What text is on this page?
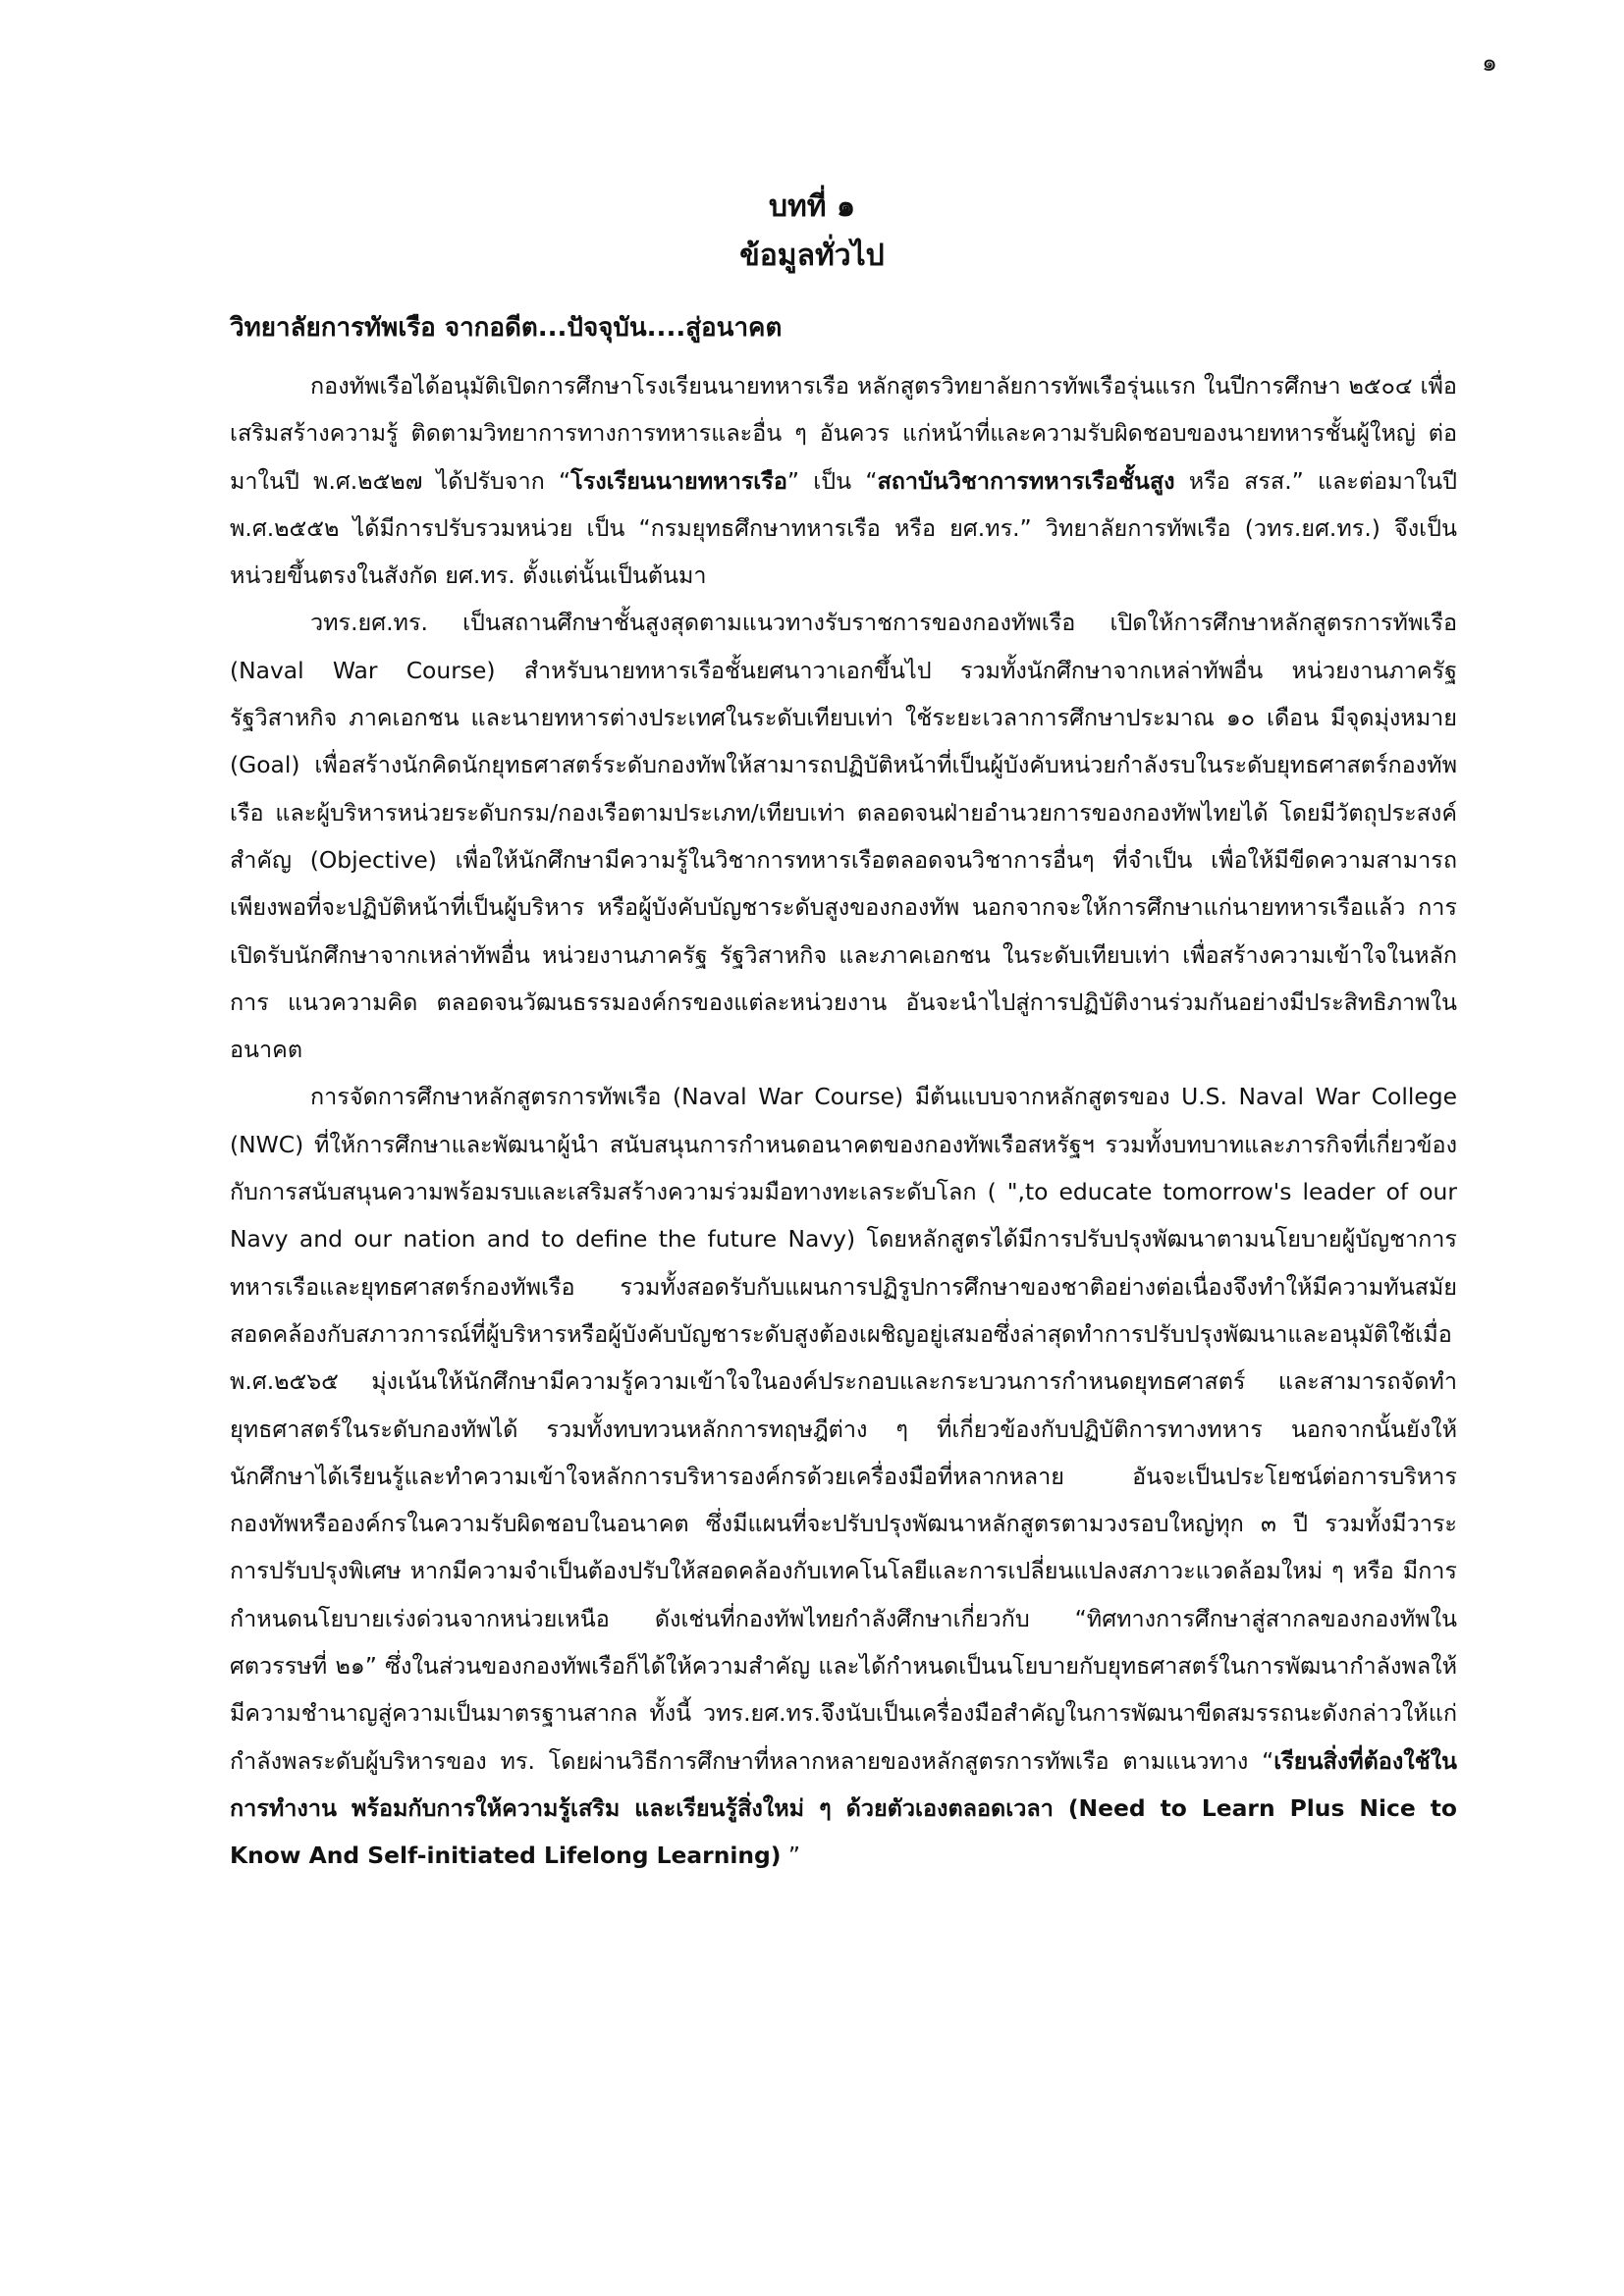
๑
บทที่ ๑
ข้อมูลทั่วไป
วิทยาลัยการทัพเรือ จากอดีต...ปัจจุบัน....สู่อนาคต

กองทัพเรือได้อนุมัติเปิดการศึกษาโรงเรียนนายทหารเรือ หลักสูตรวิทยาลัยการทัพเรือรุ่นแรก ในปีการศึกษา ๒๕๐๔ เพื่อเสริมสร้างความรู้ ติดตามวิทยาการทางการทหารและอื่น ๆ อันควร แก่หน้าที่และความรับผิดชอบของนายทหารชั้นผู้ใหญ่ ต่อมาในปี พ.ศ.๒๕๒๗ ได้ปรับจาก “โรงเรียนนายทหารเรือ” เป็น “สถาบันวิชาการทหารเรือชั้นสูง หรือ สรส.” และต่อมาในปี พ.ศ.๒๕๕๒ ได้มีการปรับรวมหน่วย เป็น “กรมยุทธศึกษาทหารเรือ หรือ ยศ.ทร.” วิทยาลัยการทัพเรือ (วทร.ยศ.ทร.) จึงเป็นหน่วยขึ้นตรงในสังกัด ยศ.ทร. ตั้งแต่นั้นเป็นต้นมา

วทร.ยศ.ทร. เป็นสถานศึกษาชั้นสูงสุดตามแนวทางรับราชการของกองทัพเรือ เปิดให้การศึกษาหลักสูตรการทัพเรือ (Naval War Course) สำหรับนายทหารเรือชั้นยศนาวาเอกขึ้นไป รวมทั้งนักศึกษาจากเหล่าทัพอื่น หน่วยงานภาครัฐ รัฐวิสาหกิจ ภาคเอกชน และนายทหารต่างประเทศในระดับเทียบเท่า ใช้ระยะเวลาการศึกษาประมาณ ๑๐ เดือน มีจุดมุ่งหมาย (Goal) เพื่อสร้างนักคิดนักยุทธศาสตร์ระดับกองทัพให้สามารถปฏิบัติหน้าที่เป็นผู้บังคับหน่วยกำลังรบในระดับยุทธศาสตร์กองทัพเรือ และผู้บริหารหน่วยระดับกรม/กองเรือตามประเภท/เทียบเท่า ตลอดจนฝ่ายอำนวยการของกองทัพไทยได้ โดยมีวัตถุประสงค์สำคัญ (Objective) เพื่อให้นักศึกษามีความรู้ในวิชาการทหารเรือตลอดจนวิชาการอื่นๆ ที่จำเป็น เพื่อให้มีขีดความสามารถเพียงพอที่จะปฏิบัติหน้าที่เป็นผู้บริหาร หรือผู้บังคับบัญชาระดับสูงของกองทัพ นอกจากจะให้การศึกษาแก่นายทหารเรือแล้ว การเปิดรับนักศึกษาจากเหล่าทัพอื่น หน่วยงานภาครัฐ รัฐวิสาหกิจ และภาคเอกชน ในระดับเทียบเท่า เพื่อสร้างความเข้าใจในหลักการ แนวความคิด ตลอดจนวัฒนธรรมองค์กรของแต่ละหน่วยงาน อันจะนำไปสู่การปฏิบัติงานร่วมกันอย่างมีประสิทธิภาพในอนาคต

การจัดการศึกษาหลักสูตรการทัพเรือ (Naval War Course) มีต้นแบบจากหลักสูตรของ U.S. Naval War College (NWC) ที่ให้การศึกษาและพัฒนาผู้นำ สนับสนุนการกำหนดอนาคตของกองทัพเรือสหรัฐฯ รวมทั้งบทบาทและภารกิจที่เกี่ยวข้องกับการสนับสนุนความพร้อมรบและเสริมสร้างความร่วมมือทางทะเลระดับโลก ( ",to educate tomorrow's leader of our Navy and our nation and to define the future Navy) โดยหลักสูตรได้มีการปรับปรุงพัฒนาตามนโยบายผู้บัญชาการทหารเรือและยุทธศาสตร์กองทัพเรือ รวมทั้งสอดรับกับแผนการปฏิรูปการศึกษาของชาติอย่างต่อเนื่องจึงทำให้มีความทันสมัย สอดคล้องกับสภาวการณ์ที่ผู้บริหารหรือผู้บังคับบัญชาระดับสูงต้องเผชิญอยู่เสมอซึ่งล่าสุดทำการปรับปรุงพัฒนาและอนุมัติใช้เมื่อ พ.ศ.๒๕๖๕ มุ่งเน้นให้นักศึกษามีความรู้ความเข้าใจในองค์ประกอบและกระบวนการกำหนดยุทธศาสตร์ และสามารถจัดทำยุทธศาสตร์ในระดับกองทัพได้ รวมทั้งทบทวนหลักการทฤษฎีต่าง ๆ ที่เกี่ยวข้องกับปฏิบัติการทางทหาร นอกจากนั้นยังให้นักศึกษาได้เรียนรู้และทำความเข้าใจหลักการบริหารองค์กรด้วยเครื่องมือที่หลากหลาย อันจะเป็นประโยชน์ต่อการบริหารกองทัพหรือองค์กรในความรับผิดชอบในอนาคต ซึ่งมีแผนที่จะปรับปรุงพัฒนาหลักสูตรตามวงรอบใหญ่ทุก ๓ ปี รวมทั้งมีวาระการปรับปรุงพิเศษ หากมีความจำเป็นต้องปรับให้สอดคล้องกับเทคโนโลยีและการเปลี่ยนแปลงสภาวะแวดล้อมใหม่ ๆ หรือ มีการกำหนดนโยบายเร่งด่วนจากหน่วยเหนือ ดังเช่นที่กองทัพไทยกำลังศึกษาเกี่ยวกับ “ทิศทางการศึกษาสู่สากลของกองทัพในศตวรรษที่ ๒๑” ซึ่งในส่วนของกองทัพเรือก็ได้ให้ความสำคัญ และได้กำหนดเป็นนโยบายกับยุทธศาสตร์ในการพัฒนากำลังพลให้มีความชำนาญสู่ความเป็นมาตรฐานสากล ทั้งนี้ วทร.ยศ.ทร.จึงนับเป็นเครื่องมือสำคัญในการพัฒนาขีดสมรรถนะดังกล่าวให้แก่กำลังพลระดับผู้บริหารของ ทร. โดยผ่านวิธีการศึกษาที่หลากหลายของหลักสูตรการทัพเรือ ตามแนวทาง “เรียนสิ่งที่ต้องใช้ในการทำงาน พร้อมกับการให้ความรู้เสริม และเรียนรู้สิ่งใหม่ ๆ ด้วยตัวเองตลอดเวลา (Need to Learn Plus Nice to Know And Self-initiated Lifelong Learning) ”
